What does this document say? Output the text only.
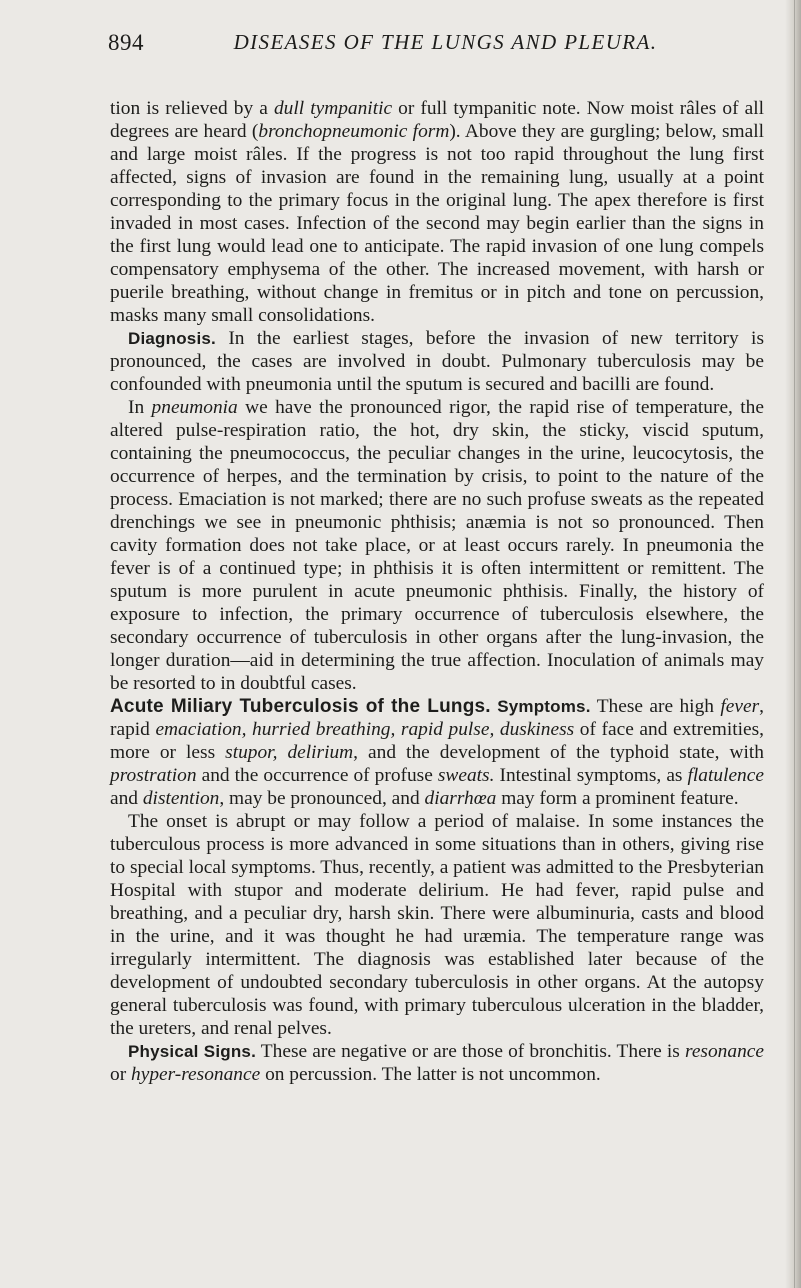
894	DISEASES OF THE LUNGS AND PLEURA.

tion is relieved by a dull tympanitic or full tympanitic note. Now moist râles of all degrees are heard (bronchopneumonic form). Above they are gurgling; below, small and large moist râles. If the progress is not too rapid throughout the lung first affected, signs of invasion are found in the remaining lung, usually at a point corresponding to the primary focus in the original lung. The apex therefore is first invaded in most cases. Infection of the second may begin earlier than the signs in the first lung would lead one to anticipate. The rapid invasion of one lung compels compensatory emphysema of the other. The increased movement, with harsh or puerile breathing, without change in fremitus or in pitch and tone on percussion, masks many small consolidations.

Diagnosis. In the earliest stages, before the invasion of new territory is pronounced, the cases are involved in doubt. Pulmonary tuberculosis may be confounded with pneumonia until the sputum is secured and bacilli are found.

In pneumonia we have the pronounced rigor, the rapid rise of temperature, the altered pulse-respiration ratio, the hot, dry skin, the sticky, viscid sputum, containing the pneumococcus, the peculiar changes in the urine, leucocytosis, the occurrence of herpes, and the termination by crisis, to point to the nature of the process. Emaciation is not marked; there are no such profuse sweats as the repeated drenchings we see in pneumonic phthisis; anæmia is not so pronounced. Then cavity formation does not take place, or at least occurs rarely. In pneumonia the fever is of a continued type; in phthisis it is often intermittent or remittent. The sputum is more purulent in acute pneumonic phthisis. Finally, the history of exposure to infection, the primary occurrence of tuberculosis elsewhere, the secondary occurrence of tuberculosis in other organs after the lung-invasion, the longer duration—aid in determining the true affection. Inoculation of animals may be resorted to in doubtful cases.

Acute Miliary Tuberculosis of the Lungs. Symptoms. These are high fever, rapid emaciation, hurried breathing, rapid pulse, duskiness of face and extremities, more or less stupor, delirium, and the development of the typhoid state, with prostration and the occurrence of profuse sweats. Intestinal symptoms, as flatulence and distention, may be pronounced, and diarrhœa may form a prominent feature.

The onset is abrupt or may follow a period of malaise. In some instances the tuberculous process is more advanced in some situations than in others, giving rise to special local symptoms. Thus, recently, a patient was admitted to the Presbyterian Hospital with stupor and moderate delirium. He had fever, rapid pulse and breathing, and a peculiar dry, harsh skin. There were albuminuria, casts and blood in the urine, and it was thought he had uræmia. The temperature range was irregularly intermittent. The diagnosis was established later because of the development of undoubted secondary tuberculosis in other organs. At the autopsy general tuberculosis was found, with primary tuberculous ulceration in the bladder, the ureters, and renal pelves.

Physical Signs. These are negative or are those of bronchitis. There is resonance or hyper-resonance on percussion. The latter is not uncommon.
